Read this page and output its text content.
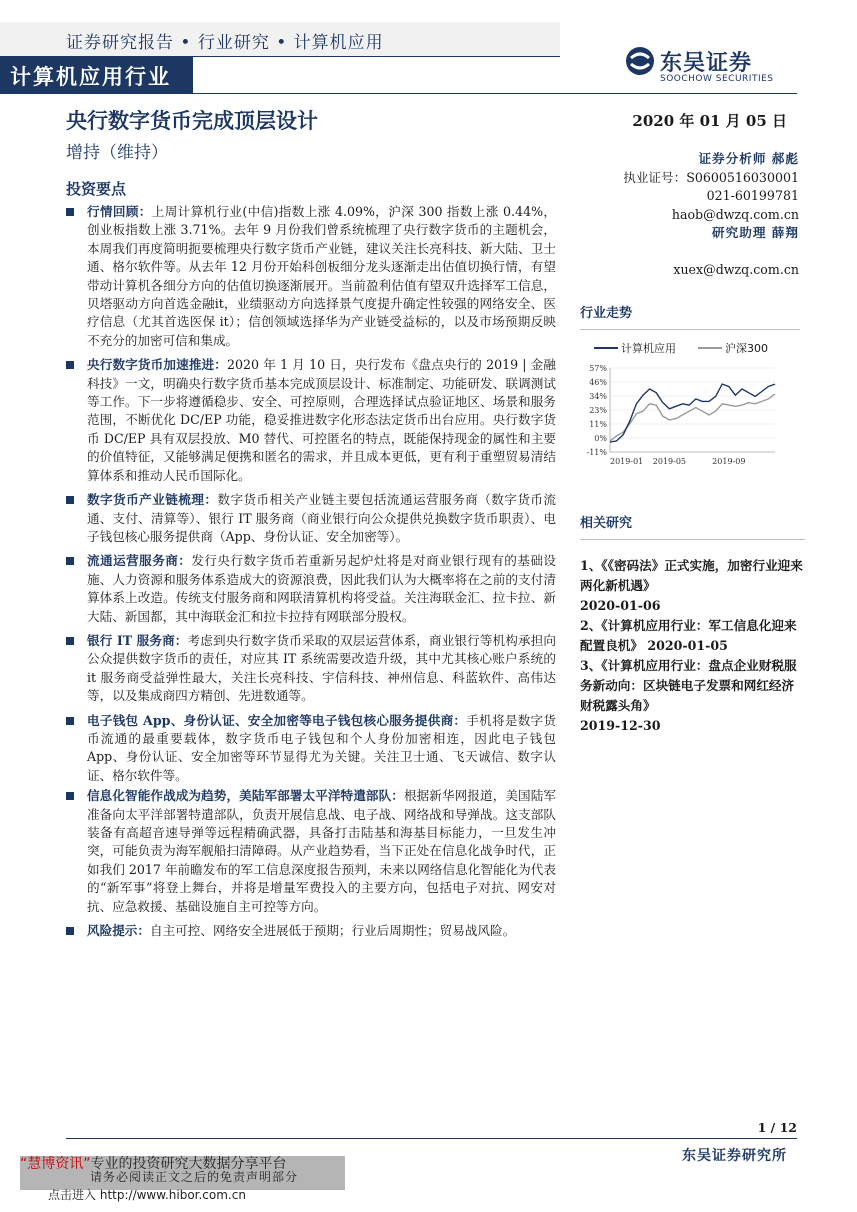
证券研究报告 • 行业研究 • 计算机应用
计算机应用行业
东吴证券
SOOCHOW SECURITIES
央行数字货币完成顶层设计
增持（维持）
2020 年 01 月 05 日
证券分析师 郝彪
执业证号：S0600516030001
021-60199781
haob@dwzq.com.cn
研究助理 薛翔
xuex@dwzq.com.cn
投资要点
行情回顾：上周计算机行业(中信)指数上涨 4.09%，沪深 300 指数上涨 0.44%，创业板指数上涨 3.71%。去年 9 月份我们曾系统梳理了央行数字货币的主题机会，本周我们再度简明扼要梳理央行数字货币产业链，建议关注长亮科技、新大陆、卫士通、格尔软件等。从去年 12 月份开始科创板细分龙头逐渐走出估值切换行情，有望带动计算机各细分方向的估值切换逐渐展开。当前盈利估值有望双升选择军工信息，贝塔驱动方向首选金融it，业绩驱动方向选择景气度提升确定性较强的网络安全、医疗信息（尤其首选医保 it）；信创领域选择华为产业链受益标的，以及市场预期反映不充分的加密可信和集成。
央行数字货币加速推进：2020 年 1 月 10 日，央行发布《盘点央行的 2019 | 金融科技》一文，明确央行数字货币基本完成顶层设计、标准制定、功能研发、联调测试等工作。下一步将遵循稳步、安全、可控原则，合理选择试点验证地区、场景和服务范围，不断优化 DC/EP 功能，稳妥推进数字化形态法定货币出台应用。央行数字货币 DC/EP 具有双层投放、M0 替代、可控匿名的特点，既能保持现金的属性和主要的价值特征，又能够满足便携和匿名的需求，并且成本更低，更有利于重塑贸易清结算体系和推动人民币国际化。
数字货币产业链梳理：数字货币相关产业链主要包括流通运营服务商（数字货币流通、支付、清算等）、银行 IT 服务商（商业银行向公众提供兑换数字货币职责）、电子钱包核心服务提供商（App、身份认证、安全加密等）。
流通运营服务商：发行央行数字货币若重新另起炉灶将是对商业银行现有的基础设施、人力资源和服务体系造成大的资源浪费，因此我们认为大概率将在之前的支付清算体系上改造。传统支付服务商和网联清算机构将受益。关注海联金汇、拉卡拉、新大陆、新国都，其中海联金汇和拉卡拉持有网联部分股权。
银行 IT 服务商：考虑到央行数字货币采取的双层运营体系，商业银行等机构承担向公众提供数字货币的责任，对应其 IT 系统需要改造升级，其中尤其核心账户系统的 it 服务商受益弹性最大，关注长亮科技、宇信科技、神州信息、科蓝软件、高伟达等，以及集成商四方精创、先进数通等。
电子钱包 App、身份认证、安全加密等电子钱包核心服务提供商：手机将是数字货币流通的最重要载体，数字货币电子钱包和个人身份加密相连，因此电子钱包 App、身份认证、安全加密等环节显得尤为关键。关注卫士通、飞天诚信、数字认证、格尔软件等。
信息化智能作战成为趋势，美陆军部署太平洋特遣部队：根据新华网报道，美国陆军准备向太平洋部署特遣部队，负责开展信息战、电子战、网络战和导弹战。这支部队装备有高超音速导弹等远程精确武器，具备打击陆基和海基目标能力，一旦发生冲突，可能负责为海军舰船扫清障碍。从产业趋势看，当下正处在信息化战争时代，正如我们 2017 年前瞻发布的军工信息深度报告预判，未来以网络信息化智能化为代表的“新军事”将登上舞台，并将是增量军费投入的主要方向，包括电子对抗、网安对抗、应急救援、基础设施自主可控等方向。
风险提示：自主可控、网络安全进展低于预期；行业后周期性；贸易战风险。
行业走势
计算机应用	沪深300
57%
46%
34%
23%
11%
0%
-11%
2019-01 2019-05	2019-09
相关研究
1、《《密码法》正式实施，加密行业迎来两化新机遇》
2020-01-06
2、《计算机应用行业：军工信息化迎来配置良机》 2020-01-05
3、《计算机应用行业：盘点企业财税服务新动向：区块链电子发票和网红经济财税露头角》
2019-12-30
1 / 12
东吴证券研究所
“慧博资讯”专业的投资研究大数据分享平台
请务必阅读正文之后的免责声明部分
点击进入 http://www.hibor.com.cn
